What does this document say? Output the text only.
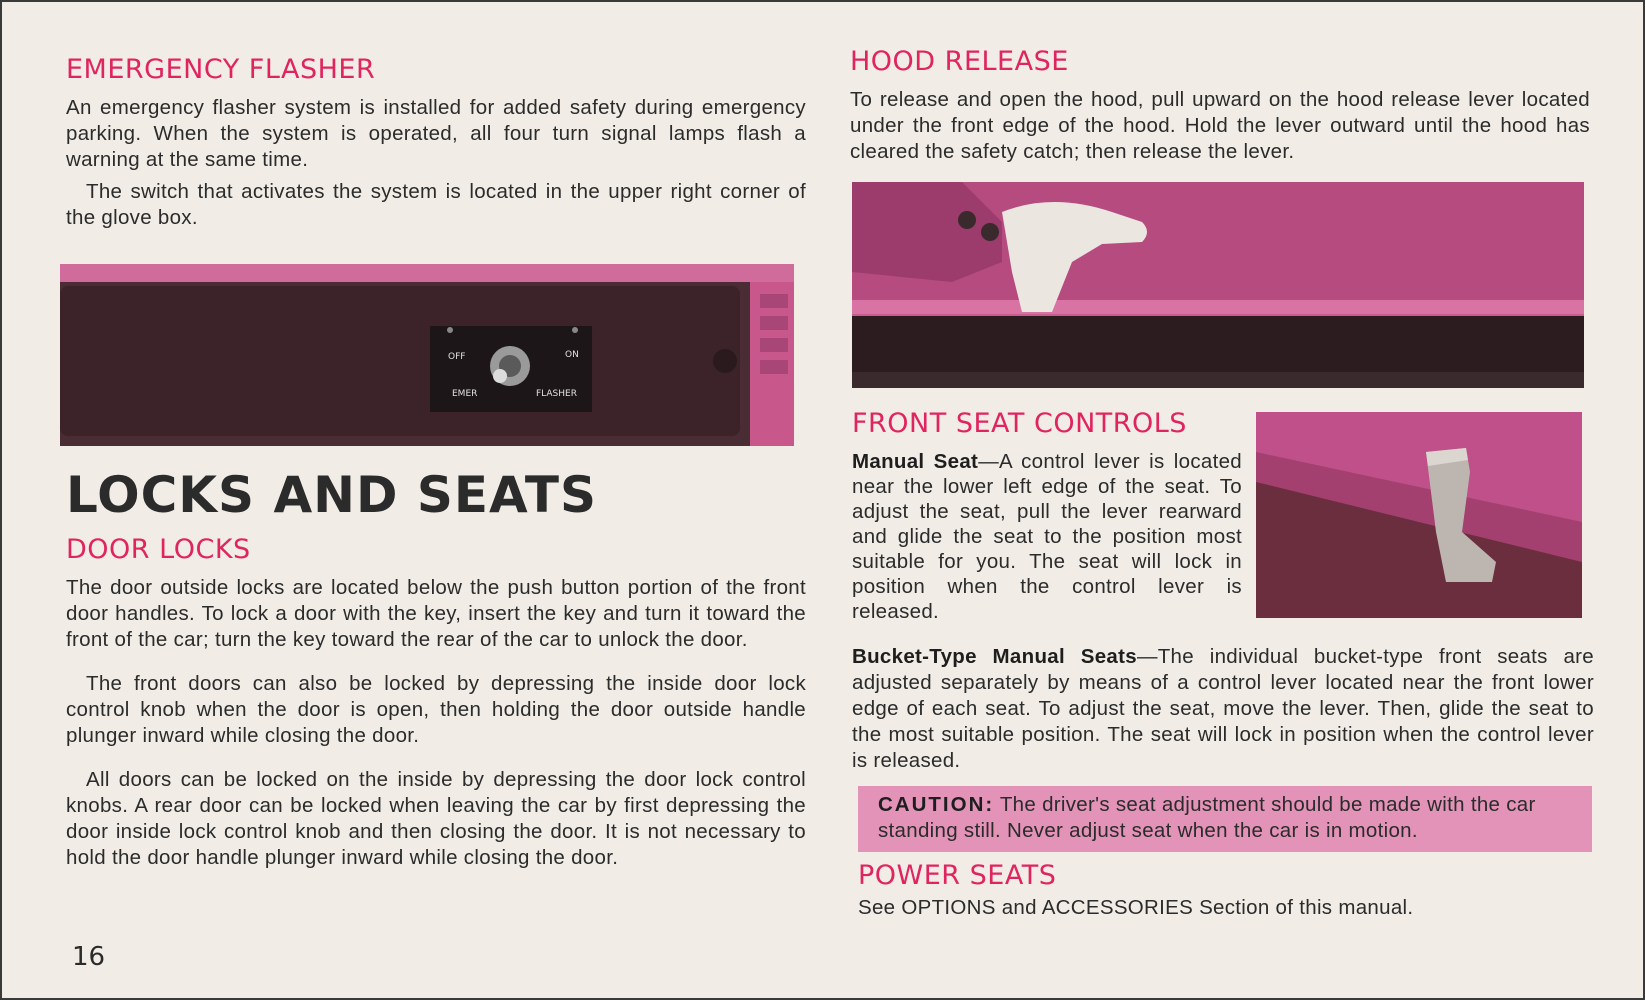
EMERGENCY FLASHER

An emergency flasher system is installed for added safety during emergency parking. When the system is operated, all four turn signal lamps flash a warning at the same time.

The switch that activates the system is located in the upper right corner of the glove box.

OFF
EMER
ON
FLASHER
LOCKS AND SEATS
DOOR LOCKS

The door outside locks are located below the push button portion of the front door handles. To lock a door with the key, insert the key and turn it toward the front of the car; turn the key toward the rear of the car to unlock the door.

The front doors can also be locked by depressing the inside door lock control knob when the door is open, then holding the door outside handle plunger inward while closing the door.

All doors can be locked on the inside by depressing the door lock control knobs. A rear door can be locked when leaving the car by first depressing the door inside lock control knob and then closing the door. It is not necessary to hold the door handle plunger inward while closing the door.

16
HOOD RELEASE

To release and open the hood, pull upward on the hood release lever located under the front edge of the hood. Hold the lever outward until the hood has cleared the safety catch; then release the lever.

FRONT SEAT CONTROLS

Manual Seat—A control lever is located near the lower left edge of the seat. To adjust the seat, pull the lever rearward and glide the seat to the position most suitable for you. The seat will lock in position when the control lever is released.

Bucket-Type Manual Seats—The individual bucket-type front seats are adjusted separately by means of a control lever located near the front lower edge of each seat. To adjust the seat, move the lever. Then, glide the seat to the most suitable position. The seat will lock in position when the control lever is released.

CAUTION: The driver's seat adjustment should be made with the car standing still. Never adjust seat when the car is in motion.
POWER SEATS

See OPTIONS and ACCESSORIES Section of this manual.
